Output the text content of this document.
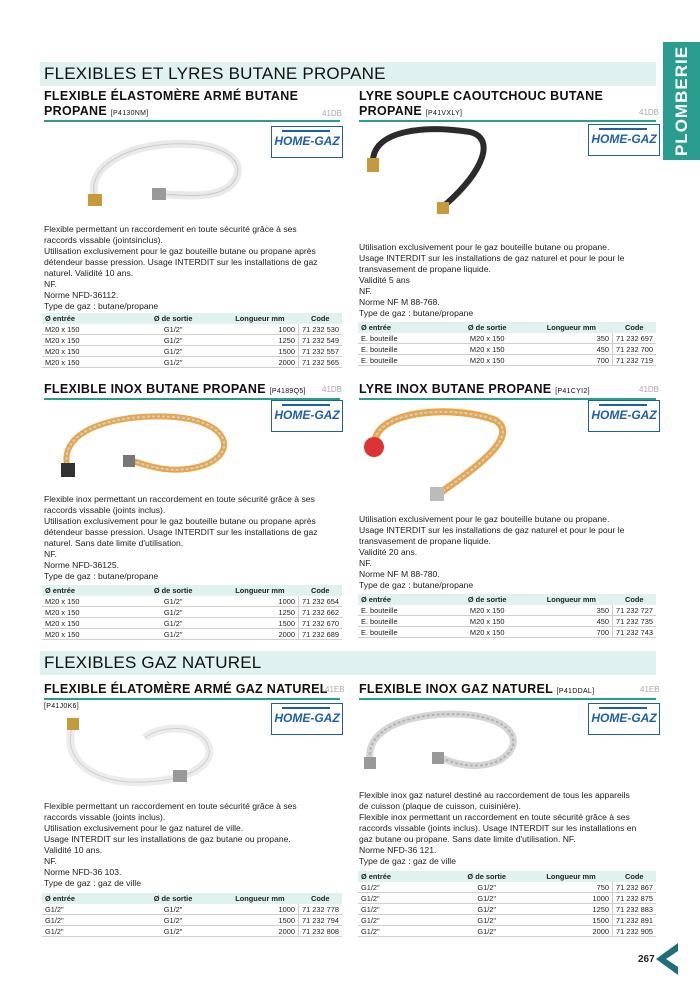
PLOMBERIE
FLEXIBLES ET LYRES BUTANE PROPANE
FLEXIBLE ÉLASTOMÈRE ARMÉ BUTANE
PROPANE [P4130NM]	41DB
HOME-GAZ
Flexible permettant un raccordement en toute sécurité grâce à ses
raccords vissable (jointsinclus).
Utilisation exclusivement pour le gaz bouteille butane ou propane après
détendeur basse pression. Usage INTERDIT sur les installations de gaz
naturel. Validité 10 ans.
NF.
Norme NFD-36112.
Type de gaz : butane/propane
Ø entrée	Ø de sortie	Longueur mm	Code
M20 x 150	G1/2"	1000	71 232 530
M20 x 150	G1/2"	1250	71 232 549
M20 x 150	G1/2"	1500	71 232 557
M20 x 150	G1/2"	2000	71 232 565
LYRE SOUPLE CAOUTCHOUC BUTANE
PROPANE [P41VXLY]	41DB
HOME-GAZ
Utilisation exclusivement pour le gaz bouteille butane ou propane.
Usage INTERDIT sur les installations de gaz naturel et pour le pour le
transvasement de propane liquide.
Validité 5 ans
NF.
Norme NF M 88-768.
Type de gaz : butane/propane
Ø entrée	Ø de sortie	Longueur mm	Code
E. bouteille	M20 x 150	350	71 232 697
E. bouteille	M20 x 150	450	71 232 700
E. bouteille	M20 x 150	700	71 232 719
FLEXIBLE INOX BUTANE PROPANE [P4189Q5]	41DB
HOME-GAZ
Flexible inox permettant un raccordement en toute sécurité grâce à ses
raccords vissable (joints inclus).
Utilisation exclusivement pour le gaz bouteille butane ou propane après
détendeur basse pression. Usage INTERDIT sur les installations de gaz
naturel. Sans date limite d'utilisation.
NF.
Norme NFD-36125.
Type de gaz : butane/propane
Ø entrée	Ø de sortie	Longueur mm	Code
M20 x 150	G1/2"	1000	71 232 654
M20 x 150	G1/2"	1250	71 232 662
M20 x 150	G1/2"	1500	71 232 670
M20 x 150	G1/2"	2000	71 232 689
LYRE INOX BUTANE PROPANE [P41CYI2]	41DB
HOME-GAZ
Utilisation exclusivement pour le gaz bouteille butane ou propane.
Usage INTERDIT sur les installations de gaz naturel et pour le pour le
transvasement de propane liquide.
Validité 20 ans.
NF.
Norme NF M 88-780.
Type de gaz : butane/propane
Ø entrée	Ø de sortie	Longueur mm	Code
E. bouteille	M20 x 150	350	71 232 727
E. bouteille	M20 x 150	450	71 232 735
E. bouteille	M20 x 150	700	71 232 743
FLEXIBLES GAZ NATUREL
FLEXIBLE ÉLATOMÈRE ARMÉ GAZ NATUREL [P41J0K6]
41EB
HOME-GAZ
Flexible permettant un raccordement en toute sécurité grâce à ses
raccords vissable (joints inclus).
Utilisation exclusivement pour le gaz naturel de ville.
Usage INTERDIT sur les installations de gaz butane ou propane.
Validité 10 ans.
NF.
Norme NFD-36 103.
Type de gaz : gaz de ville
Ø entrée	Ø de sortie	Longueur mm	Code
G1/2"	G1/2"	1000	71 232 778
G1/2"	G1/2"	1500	71 232 794
G1/2"	G1/2"	2000	71 232 808
FLEXIBLE INOX GAZ NATUREL [P41DDAL]	41EB
HOME-GAZ
Flexible inox gaz naturel destiné au raccordement de tous les appareils
de cuisson (plaque de cuisson, cuisinière).
Flexible inox permettant un raccordement en toute sécurité grâce à ses
raccords vissable (joints inclus). Usage INTERDIT sur les installations en
gaz butane ou propane. Sans date limite d'utilisation. NF.
Norme NFD-36 121.
Type de gaz : gaz de ville
Ø entrée	Ø de sortie	Longueur mm	Code
G1/2"	G1/2"	750	71 232 867
G1/2"	G1/2"	1000	71 232 875
G1/2"	G1/2"	1250	71 232 883
G1/2"	G1/2"	1500	71 232 891
G1/2"	G1/2"	2000	71 232 905
267
